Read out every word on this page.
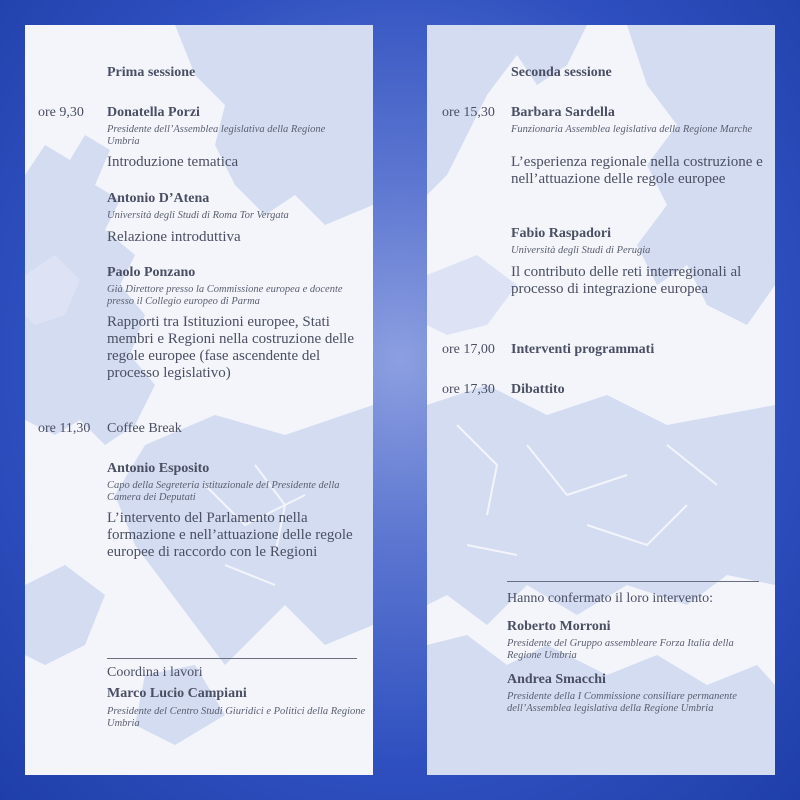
Prima sessione
ore 9,30 Donatella Porzi
Presidente dell’Assemblea legislativa della Regione Umbria
Introduzione tematica
Antonio D’Atena
Università degli Studi di Roma Tor Vergata
Relazione introduttiva
Paolo Ponzano
Già Direttore presso la Commissione europea e docente presso il Collegio europeo di Parma
Rapporti tra Istituzioni europee, Stati membri e Regioni nella costruzione delle regole europee (fase ascendente del processo legislativo)
ore 11,30 Coffee Break
Antonio Esposito
Capo della Segreteria istituzionale del Presidente della Camera dei Deputati
L’intervento del Parlamento nella formazione e nell’attuazione delle regole europee di raccordo con le Regioni
Coordina i lavori
Marco Lucio Campiani
Presidente del Centro Studi Giuridici e Politici della Regione Umbria
Seconda sessione
ore 15,30 Barbara Sardella
Funzionaria Assemblea legislativa della Regione Marche
L’esperienza regionale nella costruzione e nell’attuazione delle regole europee
Fabio Raspadori
Università degli Studi di Perugia
Il contributo delle reti interregionali al processo di integrazione europea
ore 17,00 Interventi programmati
ore 17,30 Dibattito
Hanno confermato il loro intervento:
Roberto Morroni
Presidente del Gruppo assembleare Forza Italia della Regione Umbria
Andrea Smacchi
Presidente della I Commissione consiliare permanente dell’Assemblea legislativa della Regione Umbria
